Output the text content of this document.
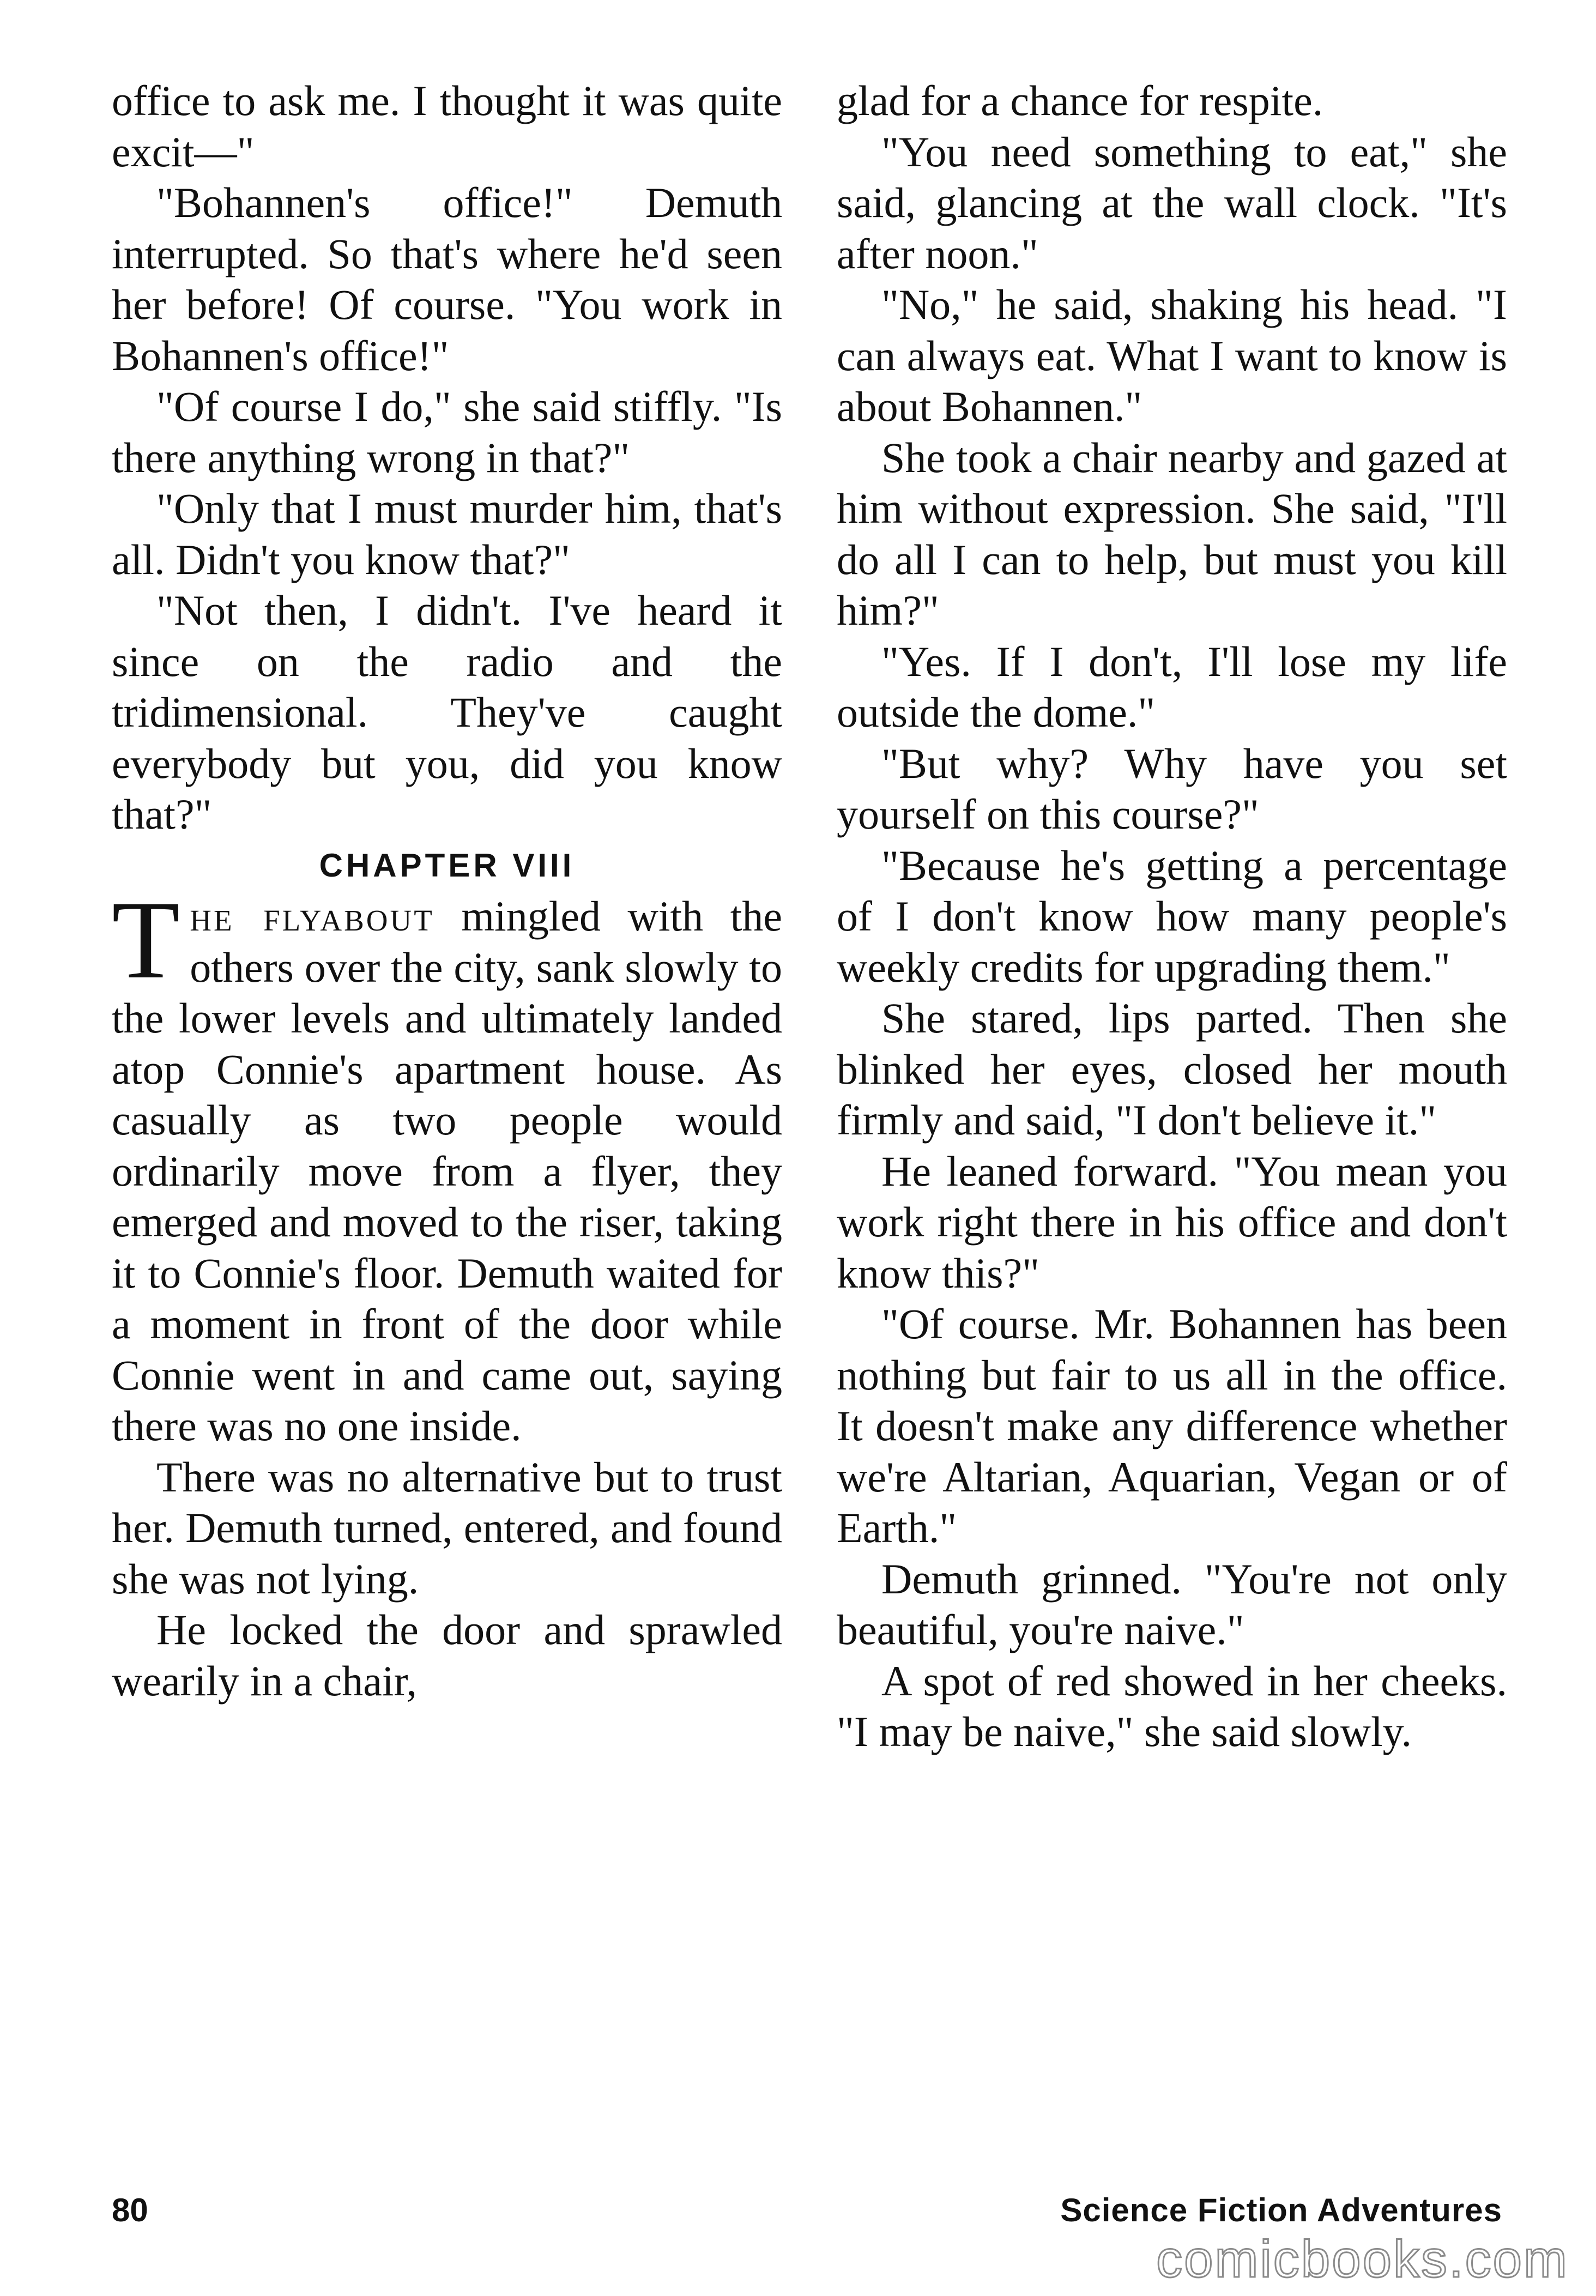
office to ask me. I thought it was quite excit—"

"Bohannen's office!" Demuth interrupted. So that's where he'd seen her before! Of course. "You work in Bohannen's office!"

"Of course I do," she said stiffly. "Is there anything wrong in that?"

"Only that I must murder him, that's all. Didn't you know that?"

"Not then, I didn't. I've heard it since on the radio and the tridimensional. They've caught everybody but you, did you know that?"

CHAPTER VIII

The flyabout mingled with the others over the city, sank slowly to the lower levels and ultimately landed atop Connie's apartment house. As casually as two people would ordinarily move from a flyer, they emerged and moved to the riser, taking it to Connie's floor. Demuth waited for a moment in front of the door while Connie went in and came out, saying there was no one inside.

There was no alternative but to trust her. Demuth turned, entered, and found she was not lying.

He locked the door and sprawled wearily in a chair,

glad for a chance for respite.

"You need something to eat," she said, glancing at the wall clock. "It's after noon."

"No," he said, shaking his head. "I can always eat. What I want to know is about Bohannen."

She took a chair nearby and gazed at him without expression. She said, "I'll do all I can to help, but must you kill him?"

"Yes. If I don't, I'll lose my life outside the dome."

"But why? Why have you set yourself on this course?"

"Because he's getting a percentage of I don't know how many people's weekly credits for upgrading them."

She stared, lips parted. Then she blinked her eyes, closed her mouth firmly and said, "I don't believe it."

He leaned forward. "You mean you work right there in his office and don't know this?"

"Of course. Mr. Bohannen has been nothing but fair to us all in the office. It doesn't make any difference whether we're Altarian, Aquarian, Vegan or of Earth."

Demuth grinned. "You're not only beautiful, you're naive."

A spot of red showed in her cheeks. "I may be naive," she said slowly.

80	Science Fiction Adventures
comicbooks.com
